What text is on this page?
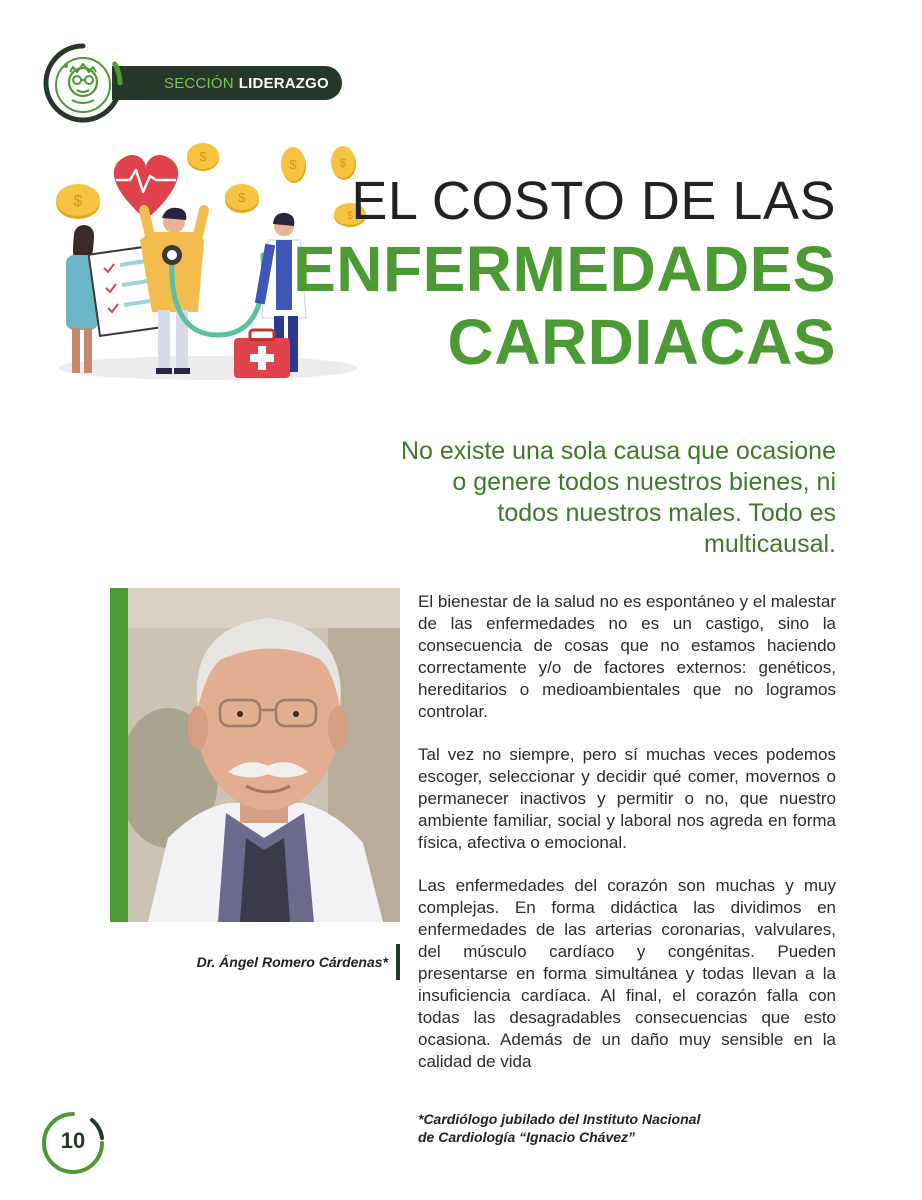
SECCIÓN LIDERAZGO
$
$
$
$	$
$
EL COSTO DE LAS
ENFERMEDADES
CARDIACAS
No existe una sola causa que ocasione o genere todos nuestros bienes, ni todos nuestros males. Todo es multicausal.
Dr. Ángel Romero Cárdenas*

El bienestar de la salud no es espontáneo y el malestar de las enfermedades no es un castigo, sino la consecuencia de cosas que no estamos haciendo correctamente y/o de factores externos: genéticos, hereditarios o medioambientales que no logramos controlar.

Tal vez no siempre, pero sí muchas veces podemos escoger, seleccionar y decidir qué comer, movernos o permanecer inactivos y permitir o no, que nuestro ambiente familiar, social y laboral nos agreda en forma física, afectiva o emocional.

Las enfermedades del corazón son muchas y muy complejas. En forma didáctica las dividimos en enfermedades de las arterias coronarias, valvulares, del músculo cardíaco y congénitas. Pueden presentarse en forma simultánea y todas llevan a la insuficiencia cardíaca. Al final, el corazón falla con todas las desagradables consecuencias que esto ocasiona. Además de un daño muy sensible en la calidad de vida

*Cardiólogo jubilado del Instituto Nacional
de Cardiología “Ignacio Chávez”
10
